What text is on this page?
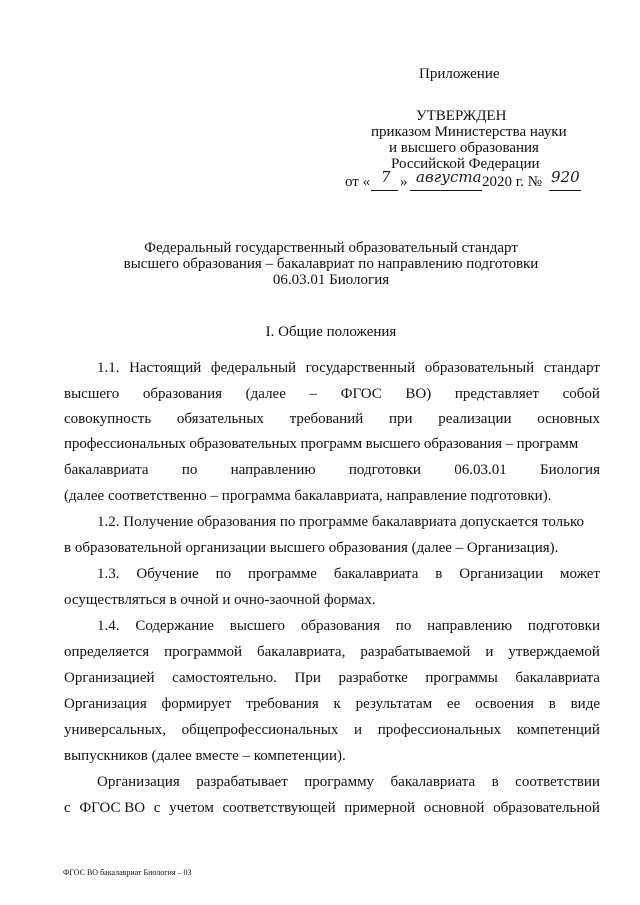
Приложение
УТВЕРЖДЕН
приказом Министерства науки
и высшего образования
Российской Федерации
от « 7 » августа 2020 г. № 920
Федеральный государственный образовательный стандарт
высшего образования – бакалавриат по направлению подготовки
06.03.01 Биология
I. Общие положения
1.1. Настоящий федеральный государственный образовательный стандарт
высшего образования (далее – ФГОС ВО) представляет собой
совокупность обязательных требований при реализации основных
профессиональных образовательных программ высшего образования – программ
бакалавриата по направлению подготовки 06.03.01 Биология
(далее соответственно – программа бакалавриата, направление подготовки).
1.2. Получение образования по программе бакалавриата допускается только
в образовательной организации высшего образования (далее – Организация).
1.3. Обучение по программе бакалавриата в Организации может
осуществляться в очной и очно-заочной формах.
1.4. Содержание высшего образования по направлению подготовки
определяется программой бакалавриата, разрабатываемой и утверждаемой
Организацией самостоятельно. При разработке программы бакалавриата
Организация формирует требования к результатам ее освоения в виде
универсальных, общепрофессиональных и профессиональных компетенций
выпускников (далее вместе – компетенции).
Организация разрабатывает программу бакалавриата в соответствии
с ФГОС ВО с учетом соответствующей примерной основной образовательной
ФГОС ВО бакалавриат Биология – 03
